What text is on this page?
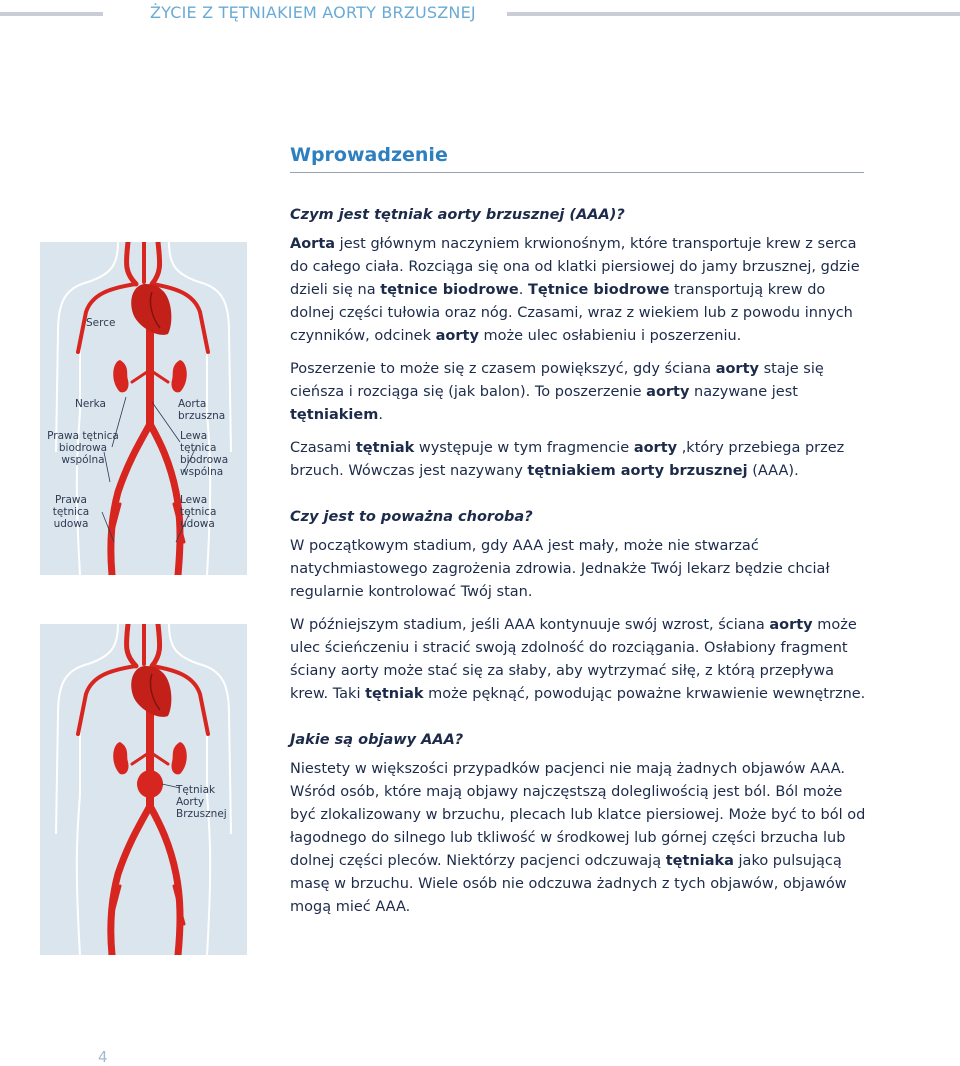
ŻYCIE Z TĘTNIAKIEM AORTY BRZUSZNEJ
Wprowadzenie
Czym jest tętniak aorty brzusznej (AAA)?
Aorta jest głównym naczyniem krwionośnym, które transportuje krew z serca do całego ciała. Rozciąga się ona od klatki piersiowej do jamy brzusznej, gdzie dzieli się na tętnice biodrowe. Tętnice biodrowe transportują krew do dolnej części tułowia oraz nóg. Czasami, wraz z wiekiem lub z powodu innych czynników, odcinek aorty może ulec osłabieniu i poszerzeniu.
Poszerzenie to może się z czasem powiększyć, gdy ściana aorty staje się cieńsza i rozciąga się (jak balon). To poszerzenie aorty nazywane jest tętniakiem.
Czasami tętniak występuje w tym fragmencie aorty ,który przebiega przez brzuch. Wówczas jest nazywany tętniakiem aorty brzusznej (AAA).
Czy jest to poważna choroba?
W początkowym stadium, gdy AAA jest mały, może nie stwarzać natychmiastowego zagrożenia zdrowia. Jednakże Twój lekarz będzie chciał regularnie kontrolować Twój stan.
W późniejszym stadium, jeśli AAA kontynuuje swój wzrost, ściana aorty może ulec ścieńczeniu i stracić swoją zdolność do rozciągania. Osłabiony fragment ściany aorty może stać się za słaby, aby wytrzymać siłę, z którą przepływa krew. Taki tętniak może pęknąć, powodując poważne krwawienie wewnętrzne.
Jakie są objawy AAA?
Niestety w większości przypadków pacjenci nie mają żadnych objawów AAA. Wśród osób, które mają objawy najczęstszą dolegliwością jest ból. Ból może być zlokalizowany w brzuchu, plecach lub klatce piersiowej. Może być to ból od łagodnego do silnego lub tkliwość w środkowej lub górnej części brzucha lub dolnej części pleców. Niektórzy pacjenci odczuwają tętniaka jako pulsującą masę w brzuchu. Wiele osób nie odczuwa żadnych z tych objawów, objawów mogą mieć AAA.
Serce
Nerka	Aorta brzuszna
Prawa tętnica biodrowa wspólna
Lewa tętnica biodrowa wspólna
Prawa tętnica udowa
Lewa tętnica udowa
Tętniak Aorty Brzusznej
4
